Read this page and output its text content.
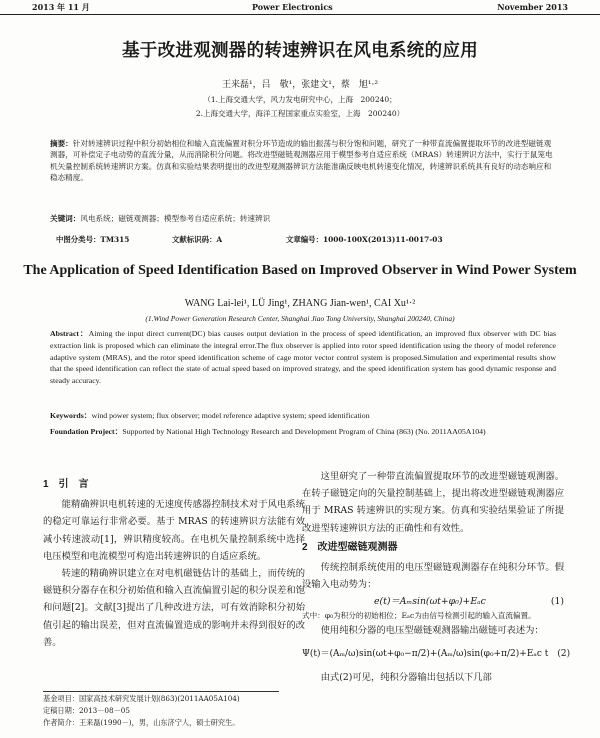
2013 年 11 月	Power Electronics	November 2013
基于改进观测器的转速辨识在风电系统的应用
王来磊¹，吕　敬¹，张建文¹，蔡　旭¹·²
（1.上海交通大学，风力发电研究中心，上海　200240；
2.上海交通大学，海洋工程国家重点实验室，上海　200240）
摘要：针对转速辨识过程中积分初始相位和输入直流偏置对积分环节造成的输出振荡与积分饱和问题，研究了一种带直流偏置提取环节的改进型磁链观测器，可补偿定子电动势的直流分量，从而消除积分问题。将改进型磁链观测器应用于模型参考自适应系统（MRAS）转速辨识方法中，实行于鼠笼电机矢量控制系统转速辨识方案。仿真和实验结果表明提出的改进型观测器辨识方法能准确反映电机转速变化情况，转速辨识系统具有良好的动态响应和稳态精度。
关键词：风电系统；磁链观测器；模型参考自适应系统；转速辨识
中图分类号：TM315	文献标识码：A	文章编号：1000-100X(2013)11-0017-03
The Application of Speed Identification Based on Improved Observer in Wind Power System
WANG Lai-lei¹, LÜ Jing¹, ZHANG Jian-wen¹, CAI Xu¹·²
(1.Wind Power Generation Research Center, Shanghai Jiao Tong University, Shanghai 200240, China)
Abstract：Aiming the input direct current(DC) bias causes output deviation in the process of speed identification, an improved flux observer with DC bias extraction link is proposed which can eliminate the integral error.The flux observer is applied into rotor speed identification using the theory of model reference adaptive system (MRAS), and the rotor speed identification scheme of cage motor vector control system is proposed.Simulation and experimental results show that the speed identification can reflect the state of actual speed based on improved strategy, and the speed identification system has good dynamic response and steady accuracy.
Keywords：wind power system; flux observer; model reference adaptive system; speed identification
Foundation Project：Supported by National High Technology Research and Development Program of China (863) (No. 2011AA05A104)
1　引　言

能精确辨识电机转速的无速度传感器控制技术对于风电系统的稳定可靠运行非常必要。基于 MRAS 的转速辨识方法能有效减小转速波动[1]，辨识精度较高。在电机矢量控制系统中选择电压模型和电流模型可构造出转速辨识的自适应系统。

转速的精确辨识建立在对电机磁链估计的基础上，而传统的磁链积分器存在积分初始值和输入直流偏置引起的积分误差和饱和问题[2]。文献[3]提出了几种改进方法，可有效消除积分初始值引起的输出误差，但对直流偏置造成的影响并未得到很好的改善。

这里研究了一种带直流偏置提取环节的改进型磁链观测器。在转子磁链定向的矢量控制基础上，提出将改进型磁链观测器应用于 MRAS 转速辨识的实现方案。仿真和实验结果验证了所提改进型转速辨识方法的正确性和有效性。

2　改进型磁链观测器

传统控制系统使用的电压型磁链观测器存在纯积分环节。假设输入电动势为：

e(t)＝Aₘsin(ωt+φ₀)+Eₐc	(1)
式中：φ₀为积分的初始相位；Eₐc为由信号检测引起的输入直流偏置。

使用纯积分器的电压型磁链观测器输出磁链可表述为：

Ψ(t)＝(Aₘ/ω)sin(ωt+φ₀−π/2)+(Aₘ/ω)sin(φ₀+π/2)+Eₐc t　(2)

由式(2)可见，纯积分器输出包括以下几部

基金项目：国家高技术研究发展计划(863)(2011AA05A104)
定稿日期：2013－08－05
作者简介：王来磊(1990－)，男，山东济宁人，硕士研究生。
